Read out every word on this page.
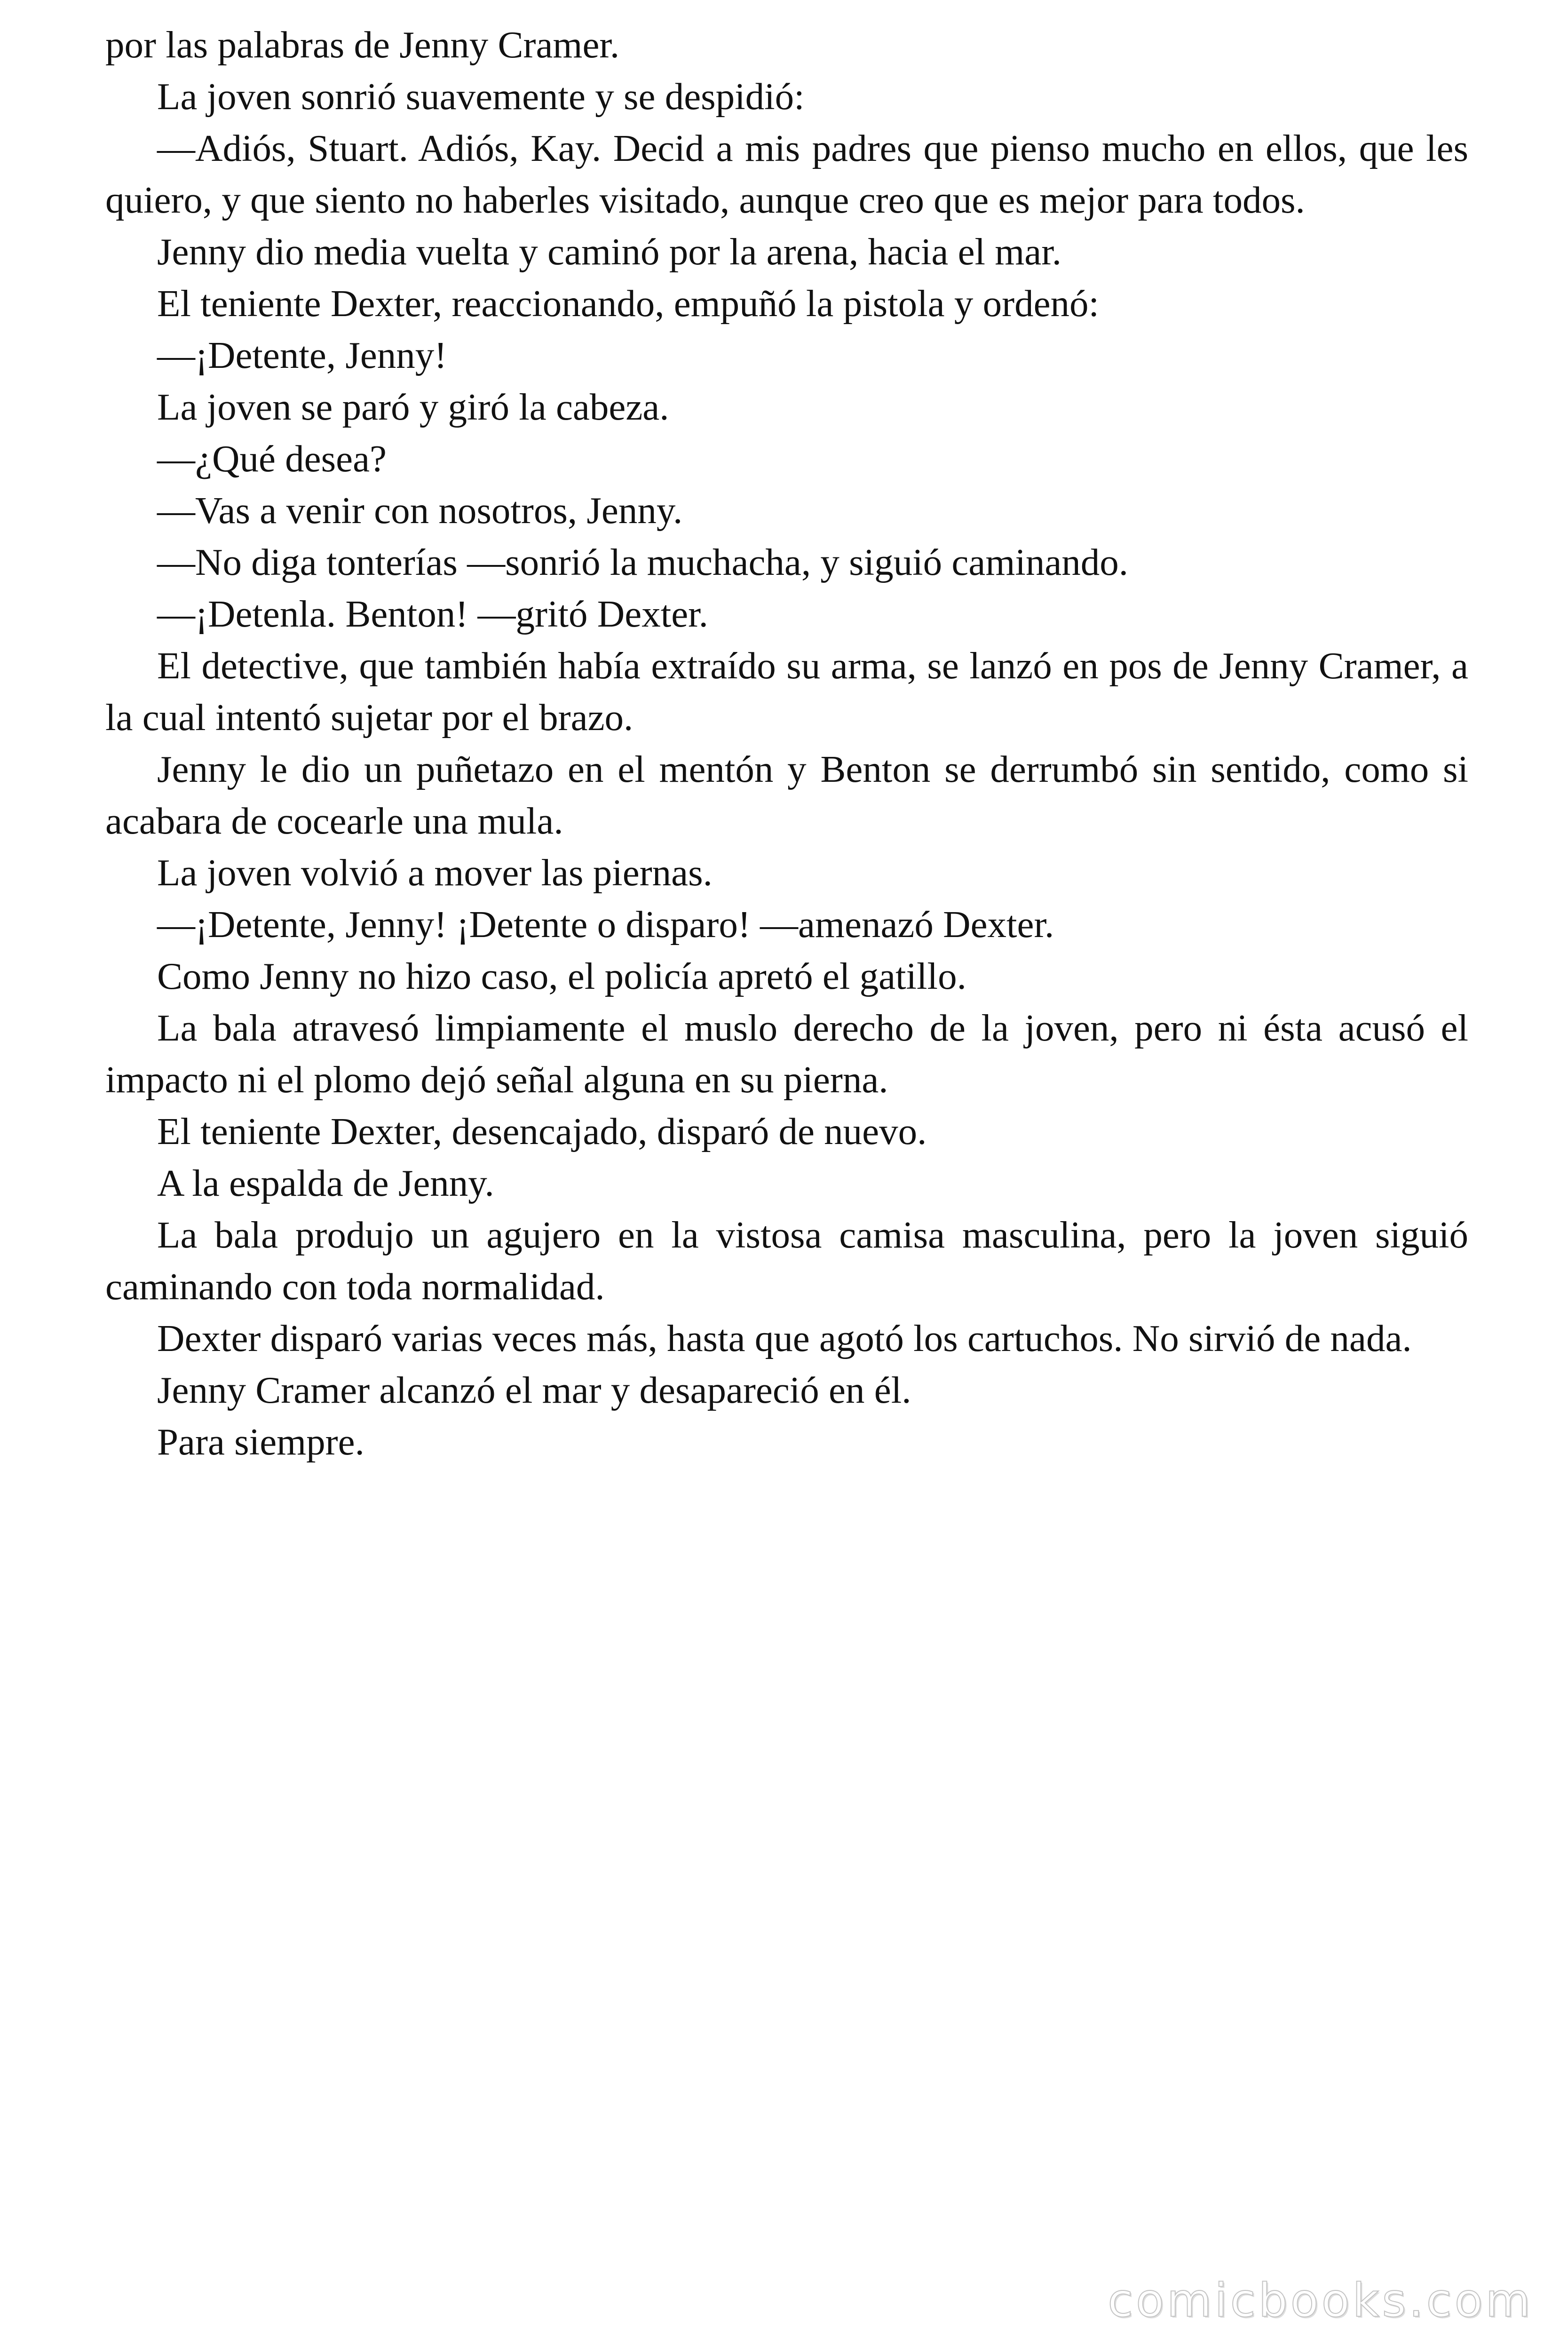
por las palabras de Jenny Cramer.

La joven sonrió suavemente y se despidió:

—Adiós, Stuart. Adiós, Kay. Decid a mis padres que pienso mucho en ellos, que les quiero, y que siento no haberles visitado, aunque creo que es mejor para todos.

Jenny dio media vuelta y caminó por la arena, hacia el mar.

El teniente Dexter, reaccionando, empuñó la pistola y ordenó:

—¡Detente, Jenny!

La joven se paró y giró la cabeza.

—¿Qué desea?

—Vas a venir con nosotros, Jenny.

—No diga tonterías —sonrió la muchacha, y siguió caminando.

—¡Detenla. Benton! —gritó Dexter.

El detective, que también había extraído su arma, se lanzó en pos de Jenny Cramer, a la cual intentó sujetar por el brazo.

Jenny le dio un puñetazo en el mentón y Benton se derrumbó sin sentido, como si acabara de cocearle una mula.

La joven volvió a mover las piernas.

—¡Detente, Jenny! ¡Detente o disparo! —amenazó Dexter.

Como Jenny no hizo caso, el policía apretó el gatillo.

La bala atravesó limpiamente el muslo derecho de la joven, pero ni ésta acusó el impacto ni el plomo dejó señal alguna en su pierna.

El teniente Dexter, desencajado, disparó de nuevo.

A la espalda de Jenny.

La bala produjo un agujero en la vistosa camisa masculina, pero la joven siguió caminando con toda normalidad.

Dexter disparó varias veces más, hasta que agotó los cartuchos. No sirvió de nada.

Jenny Cramer alcanzó el mar y desapareció en él.

Para siempre.

comicbooks.com
